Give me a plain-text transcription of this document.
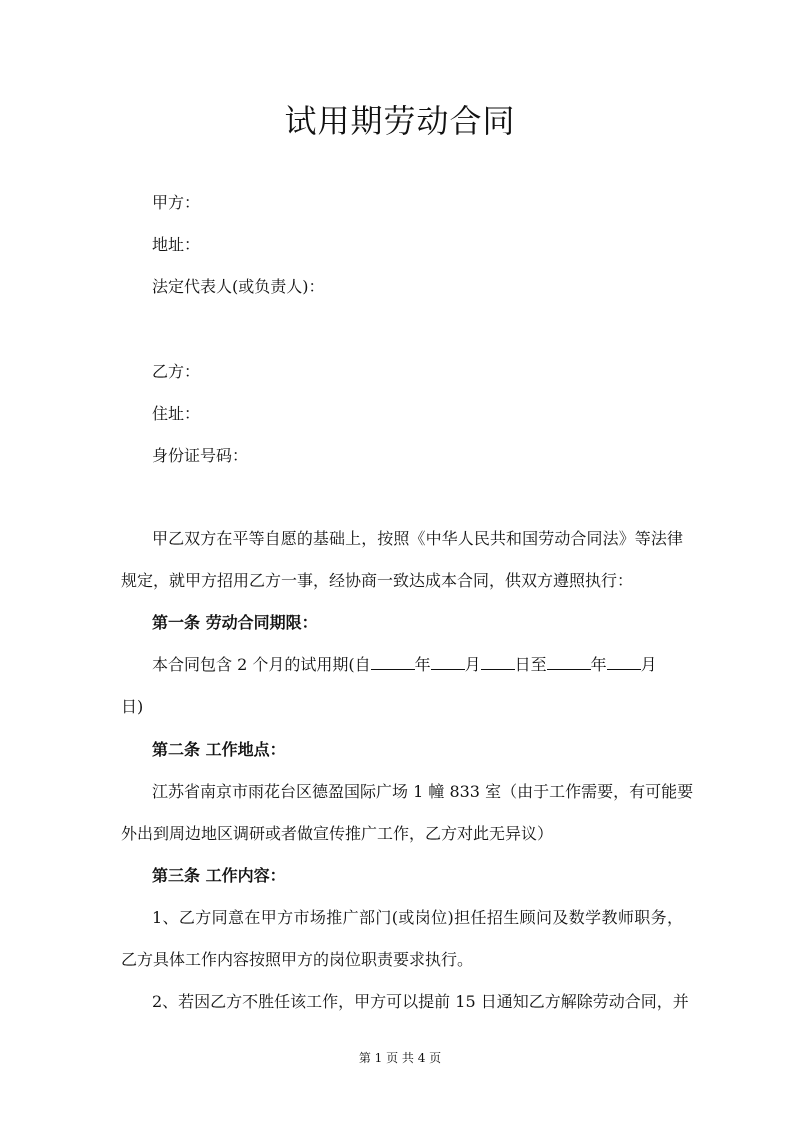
试用期劳动合同
甲方：
地址：
法定代表人(或负责人)：
乙方：
住址：
身份证号码：
甲乙双方在平等自愿的基础上，按照《中华人民共和国劳动合同法》等法律
规定，就甲方招用乙方一事，经协商一致达成本合同，供双方遵照执行：
第一条 劳动合同期限：
本合同包含 2 个月的试用期(自	年 月 日至	年 月
日)
第二条 工作地点：
江苏省南京市雨花台区德盈国际广场 1 幢 833 室（由于工作需要，有可能要
外出到周边地区调研或者做宣传推广工作，乙方对此无异议）
第三条 工作内容：
1、乙方同意在甲方市场推广部门(或岗位)担任招生顾问及数学教师职务，
乙方具体工作内容按照甲方的岗位职责要求执行。
2、若因乙方不胜任该工作，甲方可以提前 15 日通知乙方解除劳动合同，并
第 1 页 共 4 页
